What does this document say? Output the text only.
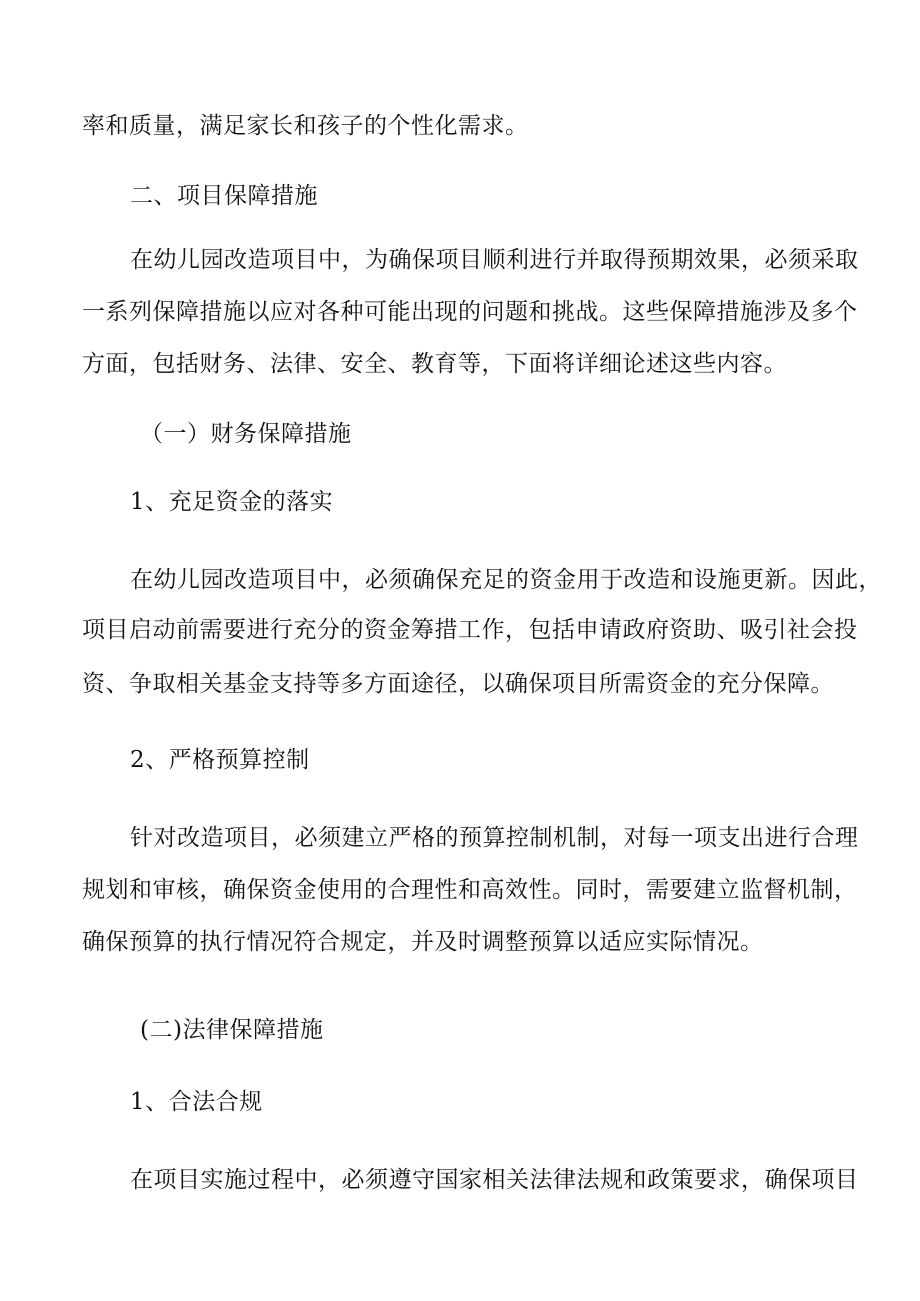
率和质量，满足家长和孩子的个性化需求。
二、项目保障措施
在幼儿园改造项目中，为确保项目顺利进行并取得预期效果，必须采取
一系列保障措施以应对各种可能出现的问题和挑战。这些保障措施涉及多个
方面，包括财务、法律、安全、教育等，下面将详细论述这些内容。
（一）财务保障措施
1、充足资金的落实
在幼儿园改造项目中，必须确保充足的资金用于改造和设施更新。因此，
项目启动前需要进行充分的资金筹措工作，包括申请政府资助、吸引社会投
资、争取相关基金支持等多方面途径，以确保项目所需资金的充分保障。
2、严格预算控制
针对改造项目，必须建立严格的预算控制机制，对每一项支出进行合理
规划和审核，确保资金使用的合理性和高效性。同时，需要建立监督机制，
确保预算的执行情况符合规定，并及时调整预算以适应实际情况。
(二)法律保障措施
1、合法合规
在项目实施过程中，必须遵守国家相关法律法规和政策要求，确保项目
